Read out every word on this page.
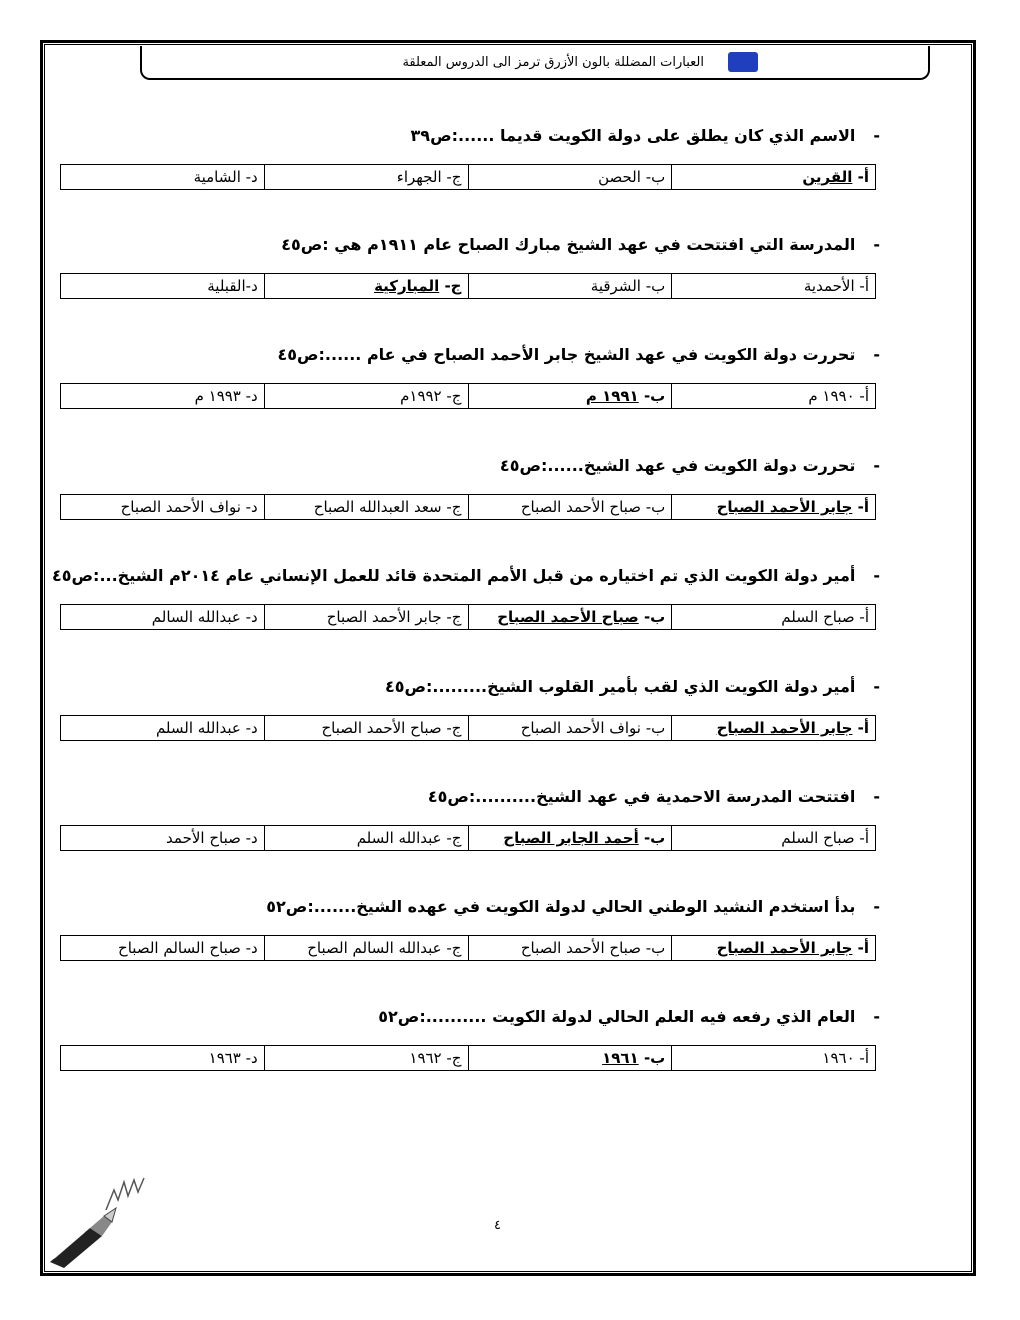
العبارات المضللة بالون الأزرق ترمز الى الدروس المعلقة
-الاسم الذي كان يطلق على دولة الكويت قديما ......:ص٣٩
أ- القرين
ب- الحصن
ج- الجهراء
د- الشامية
-المدرسة التي افتتحت في عهد الشيخ مبارك الصباح عام ١٩١١م هي :ص٤٥
أ- الأحمدية
ب- الشرقية
ج- المباركية
د-القبلية
-تحررت دولة الكويت في عهد الشيخ جابر الأحمد الصباح في عام ......:ص٤٥
أ- ١٩٩٠ م
ب- ١٩٩١ م
ج- ١٩٩٢م
د- ١٩٩٣ م
-تحررت دولة الكويت في عهد الشيخ......:ص٤٥
أ- جابر الأحمد الصباح
ب- صباح الأحمد الصباح
ج- سعد العبدالله الصباح
د- نواف الأحمد الصباح
-أمير دولة الكويت الذي تم اختياره من قبل الأمم المتحدة قائد للعمل الإنساني عام ٢٠١٤م الشيخ...:ص٤٥
أ- صباح السلم
ب- صباح الأحمد الصباح
ج- جابر الأحمد الصباح
د- عبدالله السالم
-أمير دولة الكويت الذي لقب بأمير القلوب الشيخ.........:ص٤٥
أ- جابر الأحمد الصباح
ب- نواف الأحمد الصباح
ج- صباح الأحمد الصباح
د- عبدالله السلم
-افتتحت المدرسة الاحمدية في عهد الشيخ..........:ص٤٥
أ- صباح السلم
ب- أحمد الجابر الصباح
ج- عبدالله السلم
د- صباح الأحمد
-بدأ استخدم النشيد الوطني الحالي لدولة الكويت في عهده الشيخ.......:ص٥٢
أ- جابر الأحمد الصباح
ب- صباح الأحمد الصباح
ج- عبدالله السالم الصباح
د- صباح السالم الصباح
-العام الذي رفعه فيه العلم الحالي لدولة الكويت ..........:ص٥٢
أ- ١٩٦٠
ب- ١٩٦١
ج- ١٩٦٢
د- ١٩٦٣
٤
